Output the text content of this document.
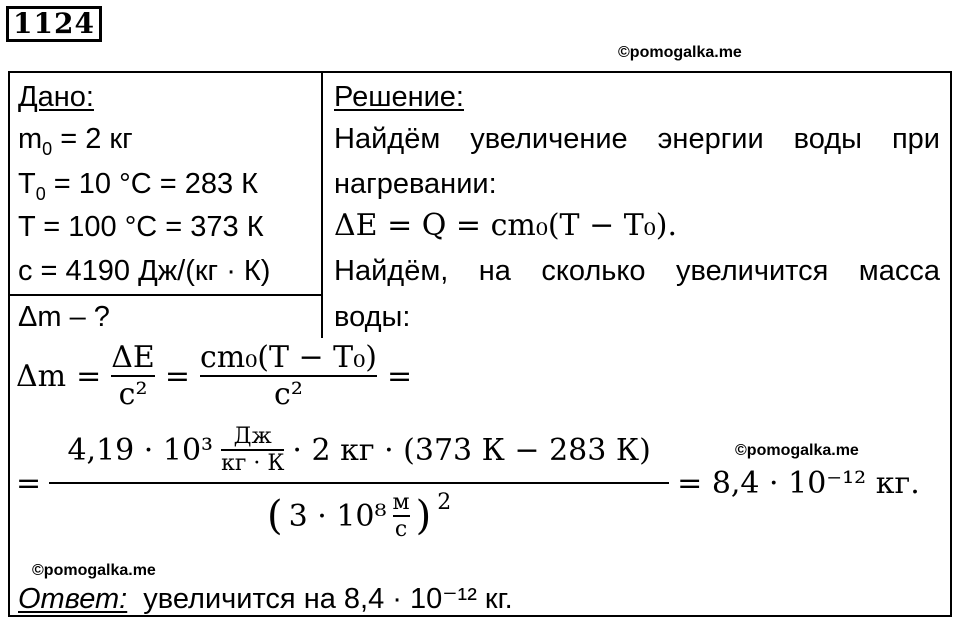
1124
©pomogalka.me
Дано:
$m_0 = 2$ кг
$T_0 = 10$ °C = 283 К
T = 100 °C = 373 К
c = 4190 Дж/(кг · К)
Δm – ?
Решение:
Найдём увеличение энергии воды при
нагревании:
ΔE = Q = cm₀(T − T₀).
Найдём, на сколько увеличится масса
воды:
$\Delta m = \frac{\Delta E}{\text{c²}} = \frac{\text{cm₀(T − T₀)}}{\text{c²}}$ =
©pomogalka.me
=
$4,19 \cdot 10^3 \frac{Дж}{кг \cdot К} \cdot 2$ кг · (373 К − 283 К)
( $3 \cdot 10^8 \frac{м}{с}$ ) $^2$
= 8,4 · 10⁻¹² кг.
©pomogalka.me
Ответ: увеличится на 8,4 · 10⁻¹² кг.
